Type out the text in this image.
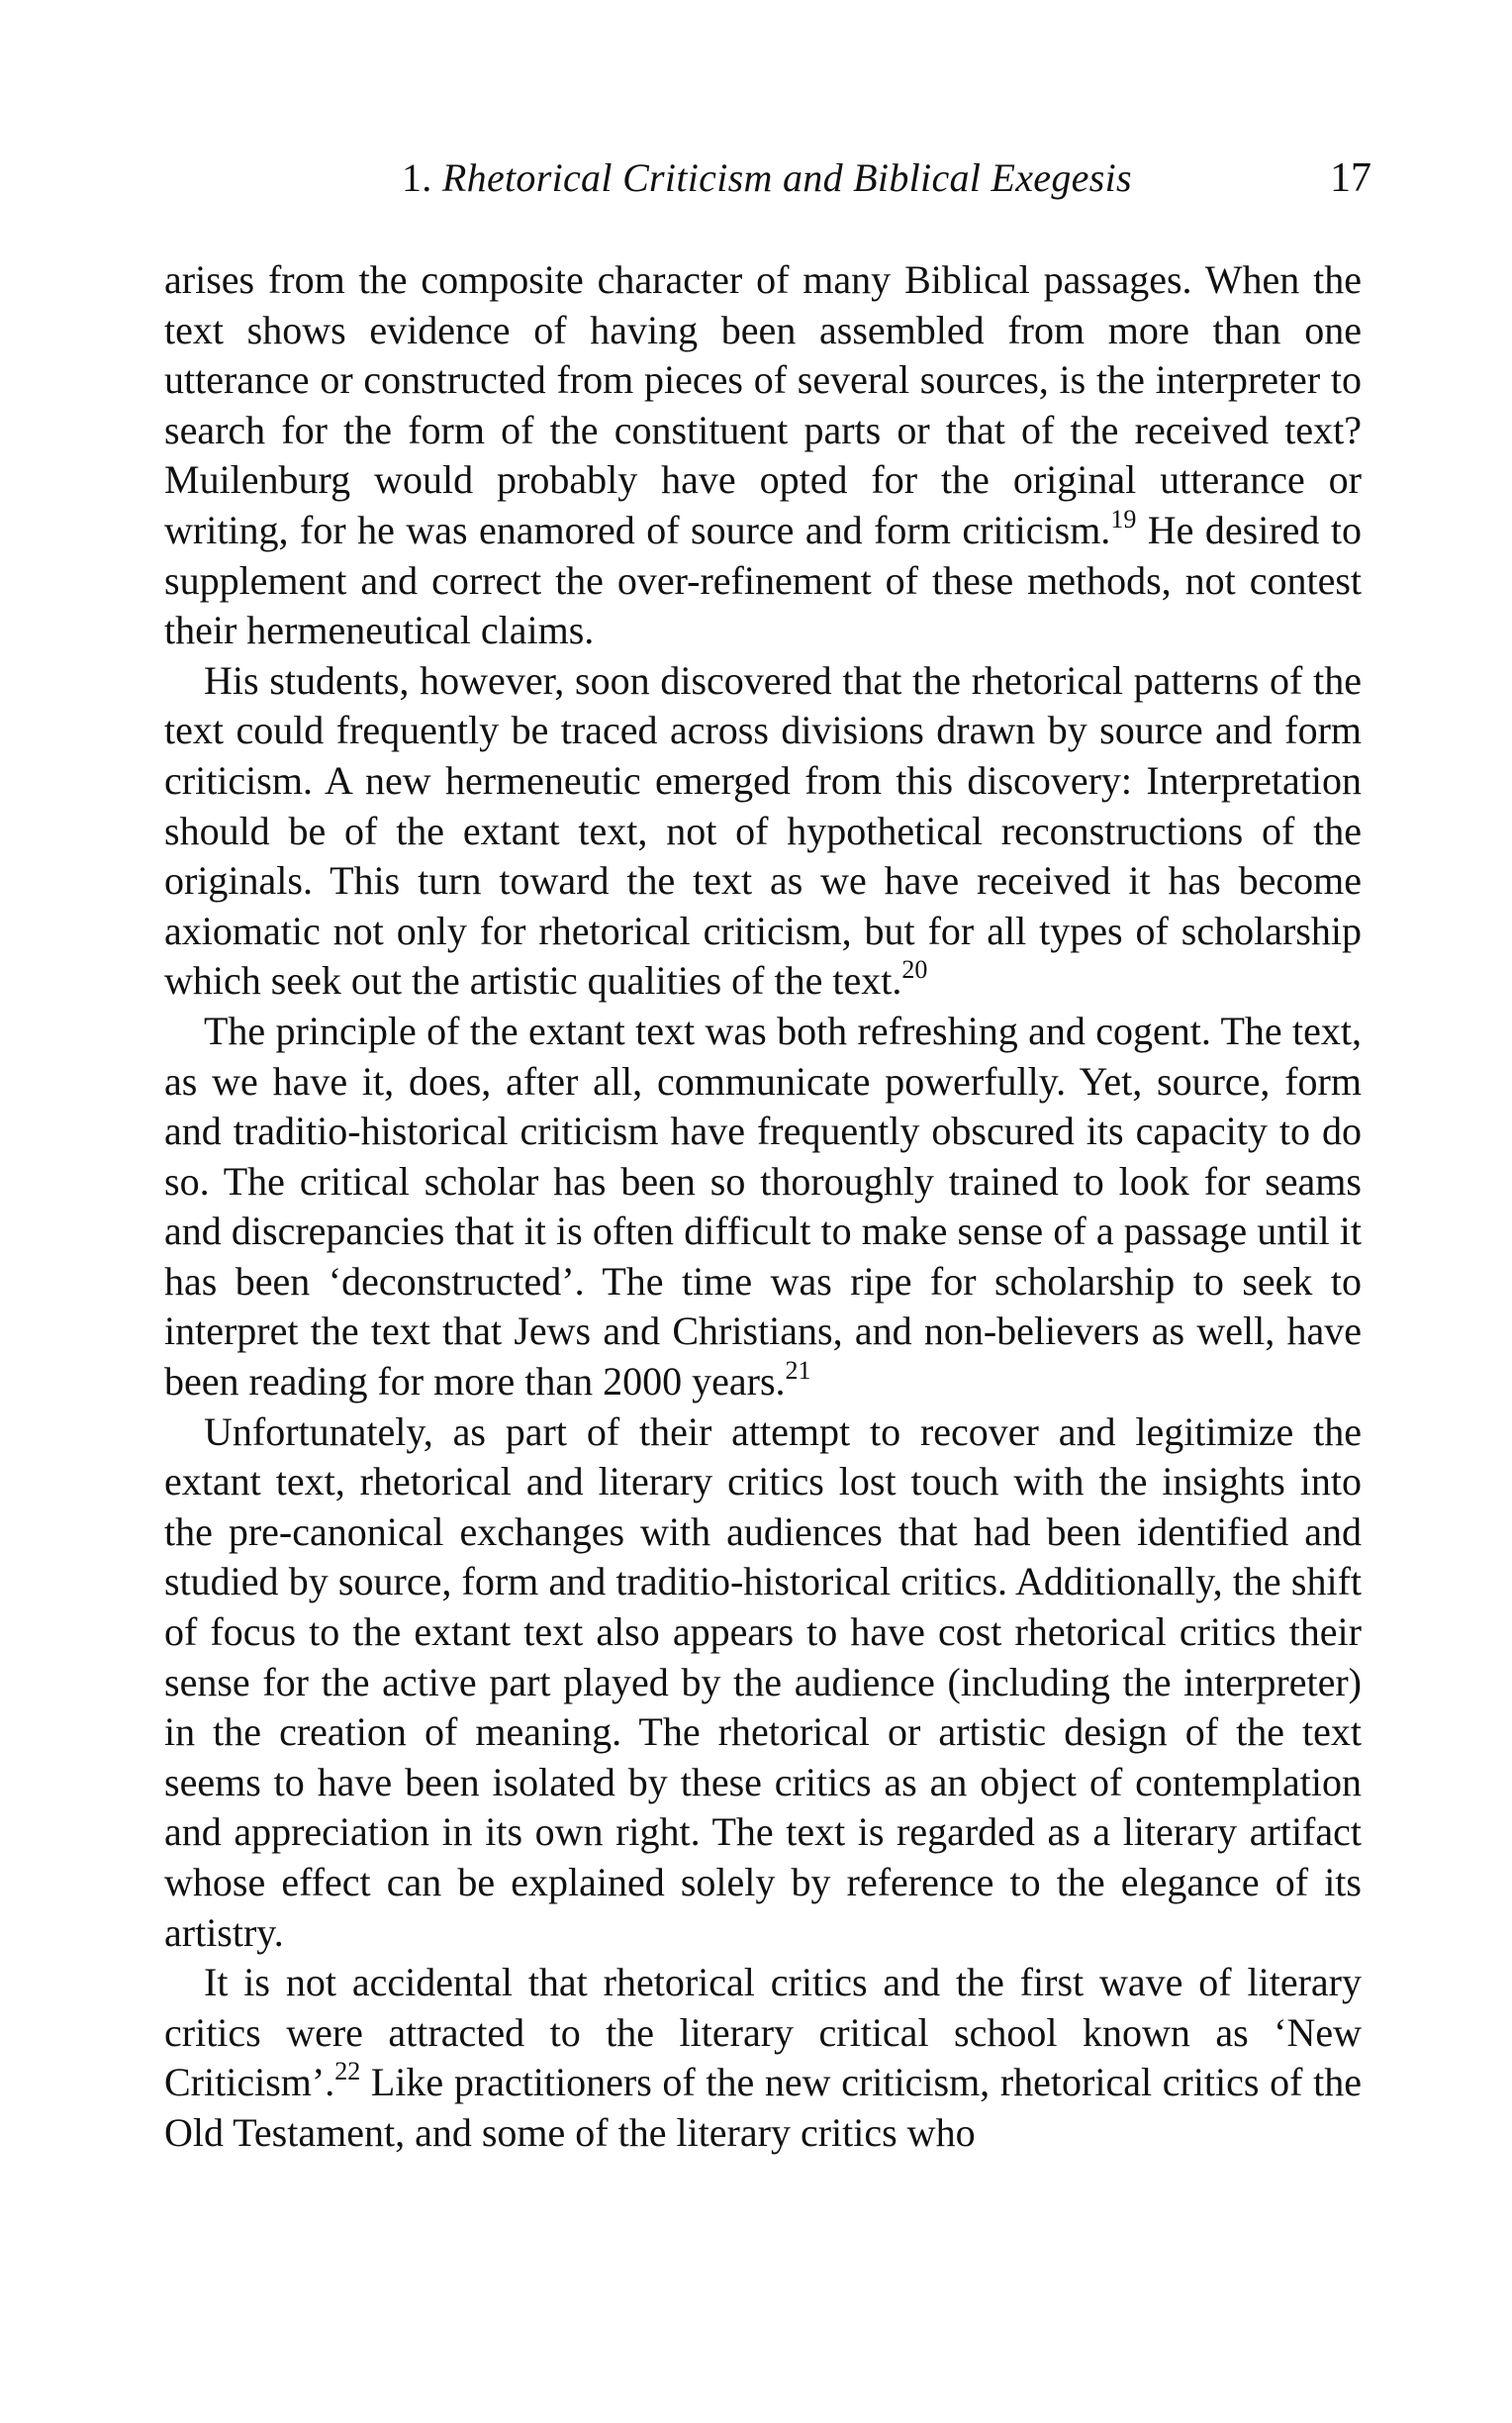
1. Rhetorical Criticism and Biblical Exegesis	17

arises from the composite character of many Biblical passages. When the text shows evidence of having been assembled from more than one utterance or constructed from pieces of several sources, is the interpreter to search for the form of the constituent parts or that of the received text? Muilenburg would probably have opted for the original utterance or writing, for he was enamored of source and form criticism.$^{19}$ He desired to supplement and correct the over-refinement of these methods, not contest their hermeneutical claims.

His students, however, soon discovered that the rhetorical patterns of the text could frequently be traced across divisions drawn by source and form criticism. A new hermeneutic emerged from this discovery: Interpretation should be of the extant text, not of hypothetical reconstructions of the originals. This turn toward the text as we have received it has become axiomatic not only for rhetorical criticism, but for all types of scholarship which seek out the artistic qualities of the text.$^{20}$

The principle of the extant text was both refreshing and cogent. The text, as we have it, does, after all, communicate powerfully. Yet, source, form and traditio-historical criticism have frequently obscured its capacity to do so. The critical scholar has been so thoroughly trained to look for seams and discrepancies that it is often difficult to make sense of a passage until it has been ‘deconstructed’. The time was ripe for scholarship to seek to interpret the text that Jews and Christians, and non-believers as well, have been reading for more than 2000 years.$^{21}$

Unfortunately, as part of their attempt to recover and legitimize the extant text, rhetorical and literary critics lost touch with the insights into the pre-canonical exchanges with audiences that had been identified and studied by source, form and traditio-historical critics. Additionally, the shift of focus to the extant text also appears to have cost rhetorical critics their sense for the active part played by the audience (including the interpreter) in the creation of meaning. The rhetorical or artistic design of the text seems to have been isolated by these critics as an object of contemplation and appreciation in its own right. The text is regarded as a literary artifact whose effect can be explained solely by reference to the elegance of its artistry.

It is not accidental that rhetorical critics and the first wave of literary critics were attracted to the literary critical school known as ‘New Criticism’.$^{22}$ Like practitioners of the new criticism, rhetorical critics of the Old Testament, and some of the literary critics who
